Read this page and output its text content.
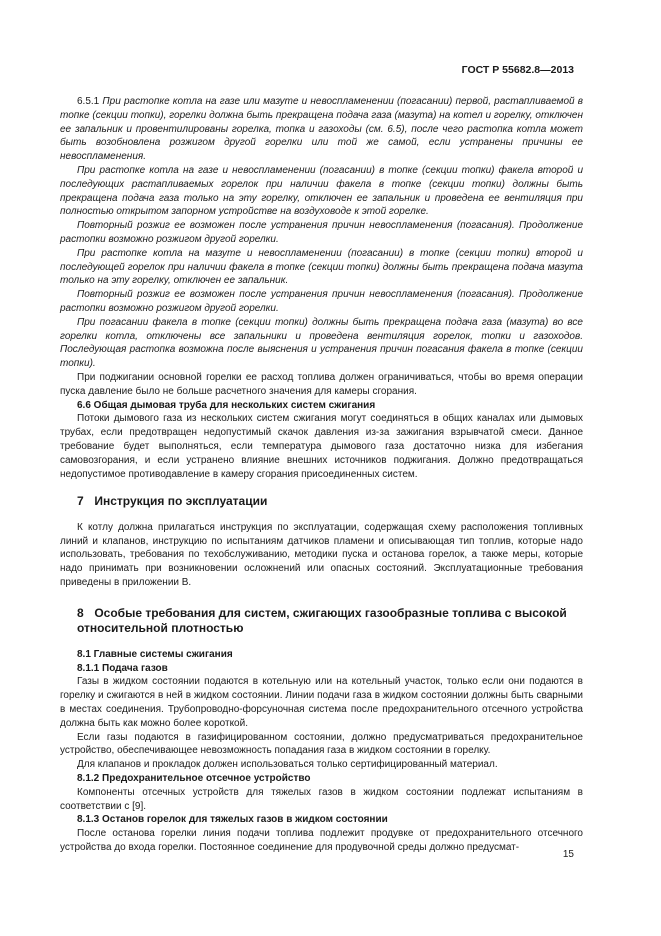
ГОСТ Р 55682.8—2013

6.5.1 При растопке котла на газе или мазуте и невоспламенении (погасании) первой, растапливаемой в топке (секции топки), горелки должна быть прекращена подача газа (мазута) на котел и горелку, отключен ее запальник и провентилированы горелка, топка и газоходы (см. 6.5), после чего растопка котла может быть возобновлена розжигом другой горелки или той же самой, если устранены причины ее невоспламенения.

При растопке котла на газе и невоспламенении (погасании) в топке (секции топки) факела второй и последующих растапливаемых горелок при наличии факела в топке (секции топки) должны быть прекращена подача газа только на эту горелку, отключен ее запальник и проведена ее вентиляция при полностью открытом запорном устройстве на воздуховоде к этой горелке.

Повторный розжиг ее возможен после устранения причин невоспламенения (погасания). Продолжение растопки возможно розжигом другой горелки.

При растопке котла на мазуте и невоспламенении (погасании) в топке (секции топки) второй и последующей горелок при наличии факела в топке (секции топки) должны быть прекращена подача мазута только на эту горелку, отключен ее запальник.

Повторный розжиг ее возможен после устранения причин невоспламенения (погасания). Продолжение растопки возможно розжигом другой горелки.

При погасании факела в топке (секции топки) должны быть прекращена подача газа (мазута) во все горелки котла, отключены все запальники и проведена вентиляция горелок, топки и газоходов. Последующая растопка возможна после выяснения и устранения причин погасания факела в топке (секции топки).

При поджигании основной горелки ее расход топлива должен ограничиваться, чтобы во время операции пуска давление было не больше расчетного значения для камеры сгорания.

6.6 Общая дымовая труба для нескольких систем сжигания

Потоки дымового газа из нескольких систем сжигания могут соединяться в общих каналах или дымовых трубах, если предотвращен недопустимый скачок давления из-за зажигания взрывчатой смеси. Данное требование будет выполняться, если температура дымового газа достаточно низка для избегания самовозгорания, и если устранено влияние внешних источников поджигания. Должно предотвращаться недопустимое противодавление в камеру сгорания присоединенных систем.

7 Инструкция по эксплуатации

К котлу должна прилагаться инструкция по эксплуатации, содержащая схему расположения топливных линий и клапанов, инструкцию по испытаниям датчиков пламени и описывающая тип топлив, которые надо использовать, требования по техобслуживанию, методики пуска и останова горелок, а также меры, которые надо принимать при возникновении осложнений или опасных состояний. Эксплуатационные требования приведены в приложении В.

8 Особые требования для систем, сжигающих газообразные топлива с высокой относительной плотностью
8.1 Главные системы сжигания
8.1.1 Подача газов

Газы в жидком состоянии подаются в котельную или на котельный участок, только если они подаются в горелку и сжигаются в ней в жидком состоянии. Линии подачи газа в жидком состоянии должны быть сварными в местах соединения. Трубопроводно-форсуночная система после предохранительного отсечного устройства должна быть как можно более короткой.

Если газы подаются в газифицированном состоянии, должно предусматриваться предохранительное устройство, обеспечивающее невозможность попадания газа в жидком состоянии в горелку.

Для клапанов и прокладок должен использоваться только сертифицированный материал.

8.1.2 Предохранительное отсечное устройство

Компоненты отсечных устройств для тяжелых газов в жидком состоянии подлежат испытаниям в соответствии с [9].

8.1.3 Останов горелок для тяжелых газов в жидком состоянии

После останова горелки линия подачи топлива подлежит продувке от предохранительного отсечного устройства до входа горелки. Постоянное соединение для продувочной среды должно предусмат-

15
